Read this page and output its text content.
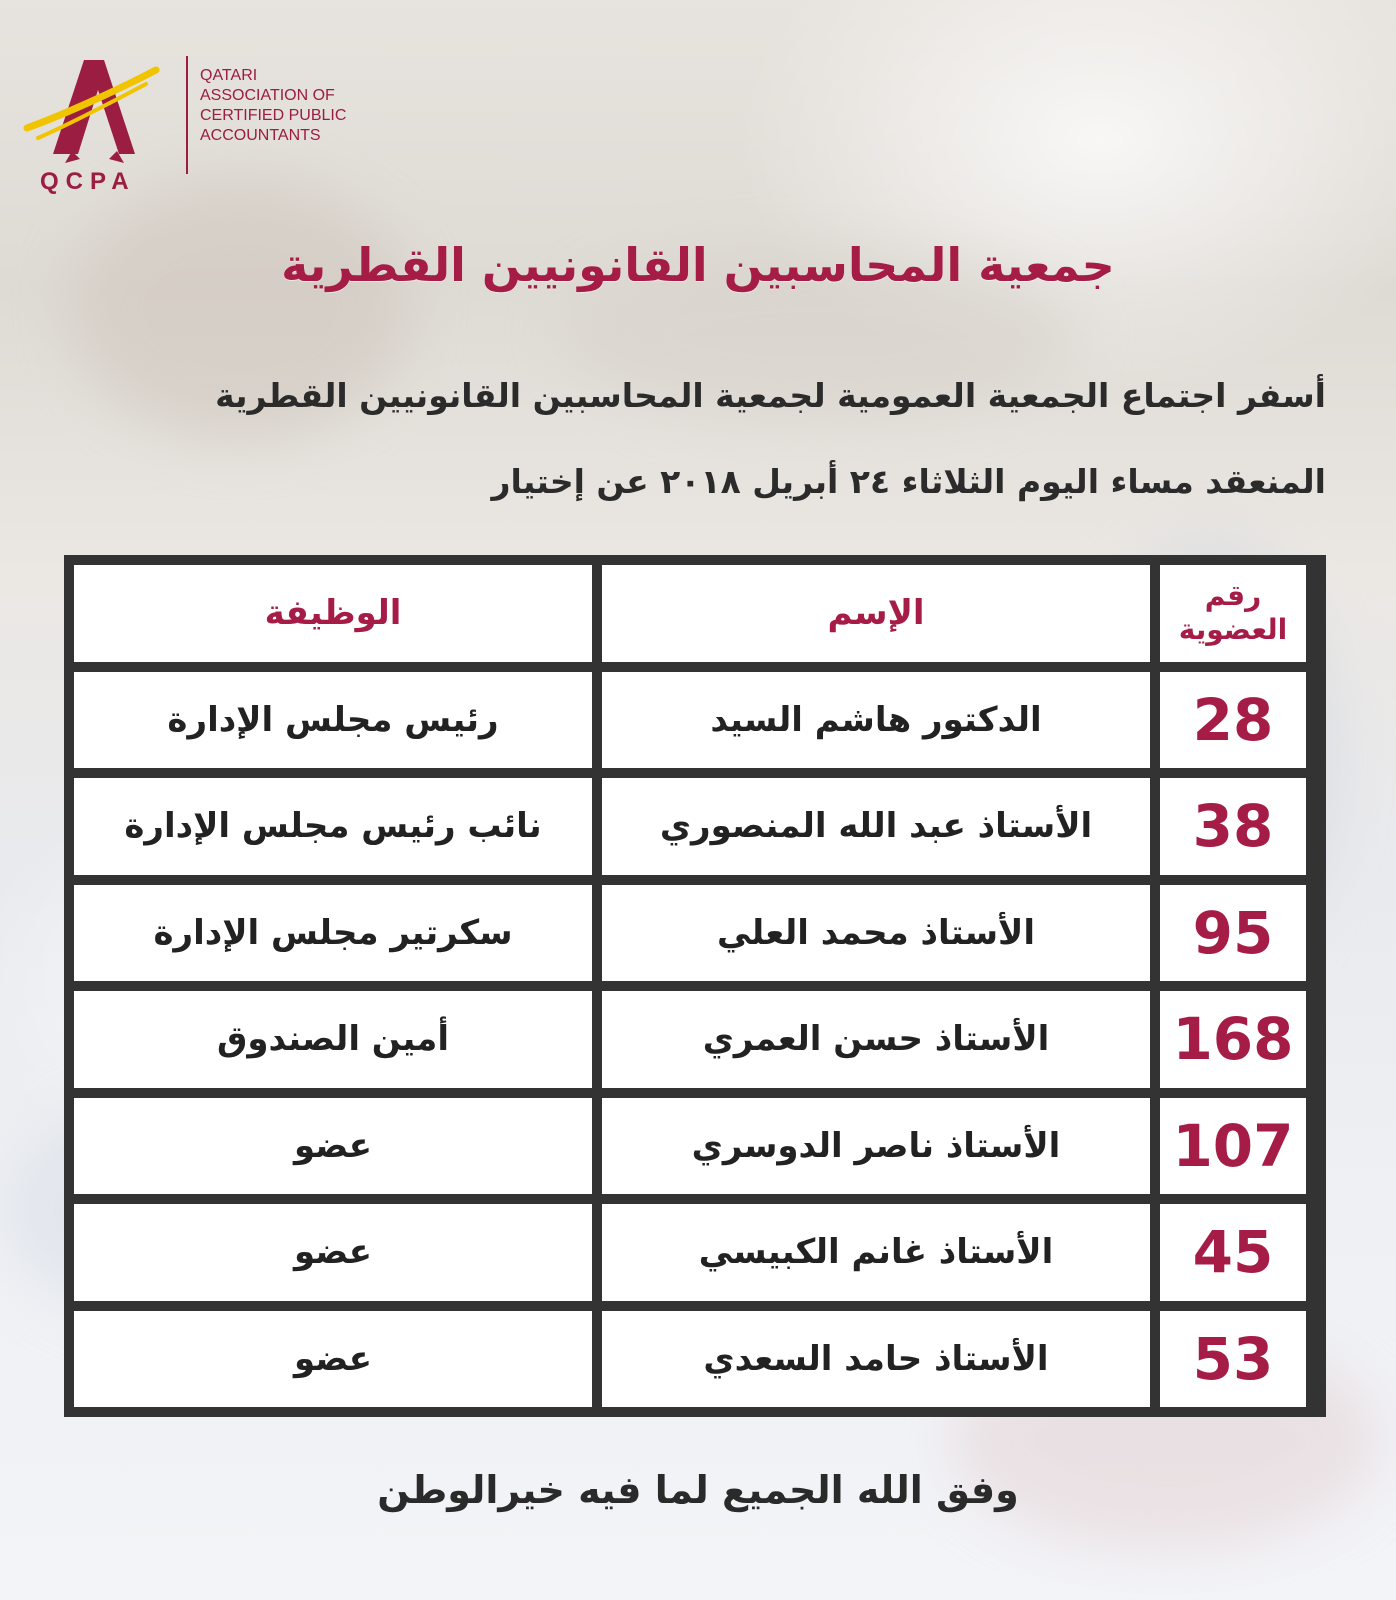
QCPA
QATARI
ASSOCIATION OF
CERTIFIED PUBLIC
ACCOUNTANTS
جمعية المحاسبين القانونيين القطرية
أسفر اجتماع الجمعية العمومية لجمعية المحاسبين القانونيين القطرية
المنعقد مساء اليوم الثلاثاء ٢٤ أبريل ٢٠١٨ عن إختيار
الوظيفة	الإسم	رقم
العضوية
رئيس مجلس الإدارة	الدكتور هاشم السيد	28
نائب رئيس مجلس الإدارة	الأستاذ عبد الله المنصوري	38
سكرتير مجلس الإدارة	الأستاذ محمد العلي	95
أمين الصندوق	الأستاذ حسن العمري	168
عضو	الأستاذ ناصر الدوسري	107
عضو	الأستاذ غانم الكبيسي	45
عضو	الأستاذ حامد السعدي	53
وفق الله الجميع لما فيه خيرالوطن
